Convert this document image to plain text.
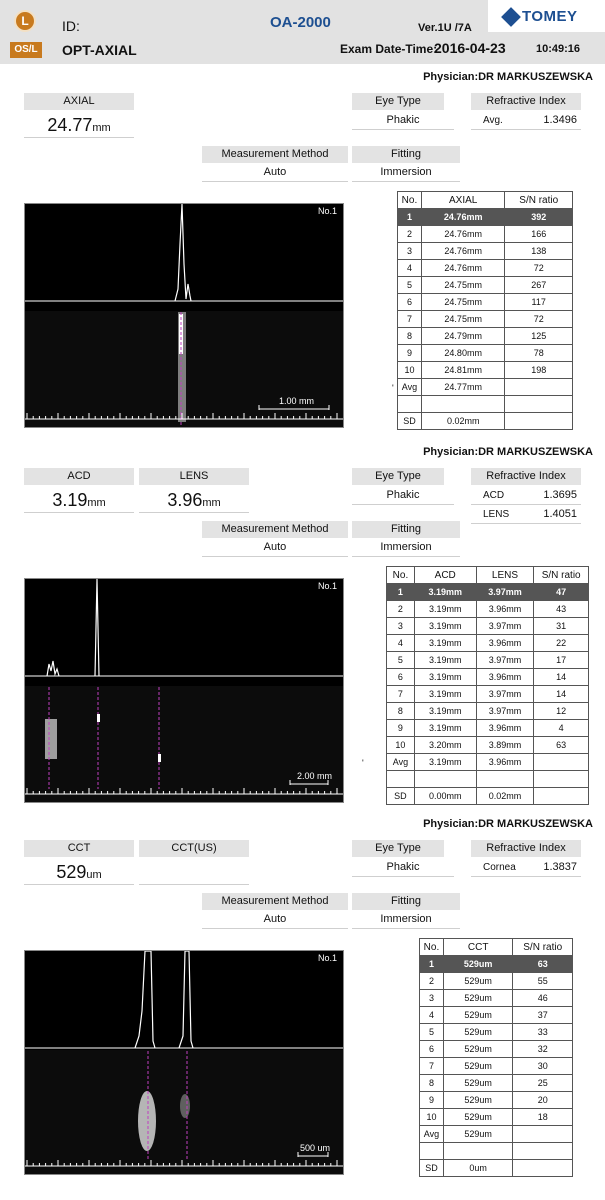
L
OS/L
ID:
OPT-AXIAL
OA-2000	Ver.1U /7A
Exam Date-Time:
2016-04-23	10:49:16
TOMEY
Physician:DR MARKUSZEWSKA
AXIAL
24.77mm
Eye Type
Phakic
Refractive Index
Avg.	1.3496
Measurement Method
Auto
Fitting
Immersion
No.1
1.00 mm
'
No.	AXIAL	S/N ratio
1	24.76mm	392
2	24.76mm	166
3	24.76mm	138
4	24.76mm	72
5	24.75mm	267
6	24.75mm	117
7	24.75mm	72
8	24.79mm	125
9	24.80mm	78
10	24.81mm	198
Avg	24.77mm	

SD	0.02mm	
Physician:DR MARKUSZEWSKA
ACD
3.19mm
LENS
3.96mm
Eye Type
Phakic
Refractive Index
ACD	1.3695
LENS	1.4051
Measurement Method
Auto
Fitting
Immersion
No.1
2.00 mm
'
No.	ACD	LENS	S/N ratio
1	3.19mm	3.97mm	47
2	3.19mm	3.96mm	43
3	3.19mm	3.97mm	31
4	3.19mm	3.96mm	22
5	3.19mm	3.97mm	17
6	3.19mm	3.96mm	14
7	3.19mm	3.97mm	14
8	3.19mm	3.97mm	12
9	3.19mm	3.96mm	4
10	3.20mm	3.89mm	63
Avg	3.19mm	3.96mm	

SD	0.00mm	0.02mm	
Physician:DR MARKUSZEWSKA
CCT
529um
CCT(US)	Eye Type
Phakic
Refractive Index
Cornea	1.3837
Measurement Method
Auto
Fitting
Immersion
No.1
500 um
No.	CCT	S/N ratio
1	529um	63
2	529um	55
3	529um	46
4	529um	37
5	529um	33
6	529um	32
7	529um	30
8	529um	25
9	529um	20
10	529um	18
Avg	529um	

SD	0um	
